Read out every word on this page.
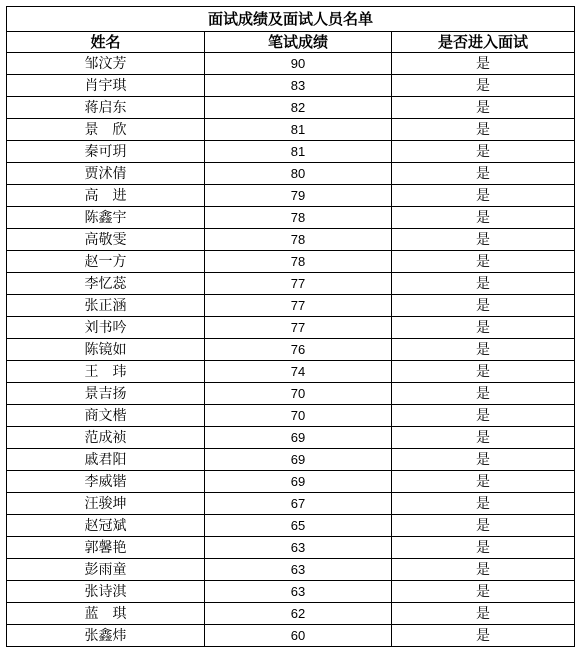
面试成绩及面试人员名单		
姓名	笔试成绩	是否进入面试
邹汶芳	90	是
肖宇琪	83	是
蒋启东	82	是
景　欣	81	是
秦可玥	81	是
贾沭倩	80	是
高　进	79	是
陈鑫宇	78	是
高敬雯	78	是
赵一方	78	是
李忆蕊	77	是
张正涵	77	是
刘书吟	77	是
陈镜如	76	是
王　玮	74	是
景吉扬	70	是
商文楷	70	是
范成祯	69	是
戚君阳	69	是
李威锴	69	是
汪骏坤	67	是
赵冠斌	65	是
郭馨艳	63	是
彭雨童	63	是
张诗淇	63	是
蓝　琪	62	是
张鑫炜	60	是
